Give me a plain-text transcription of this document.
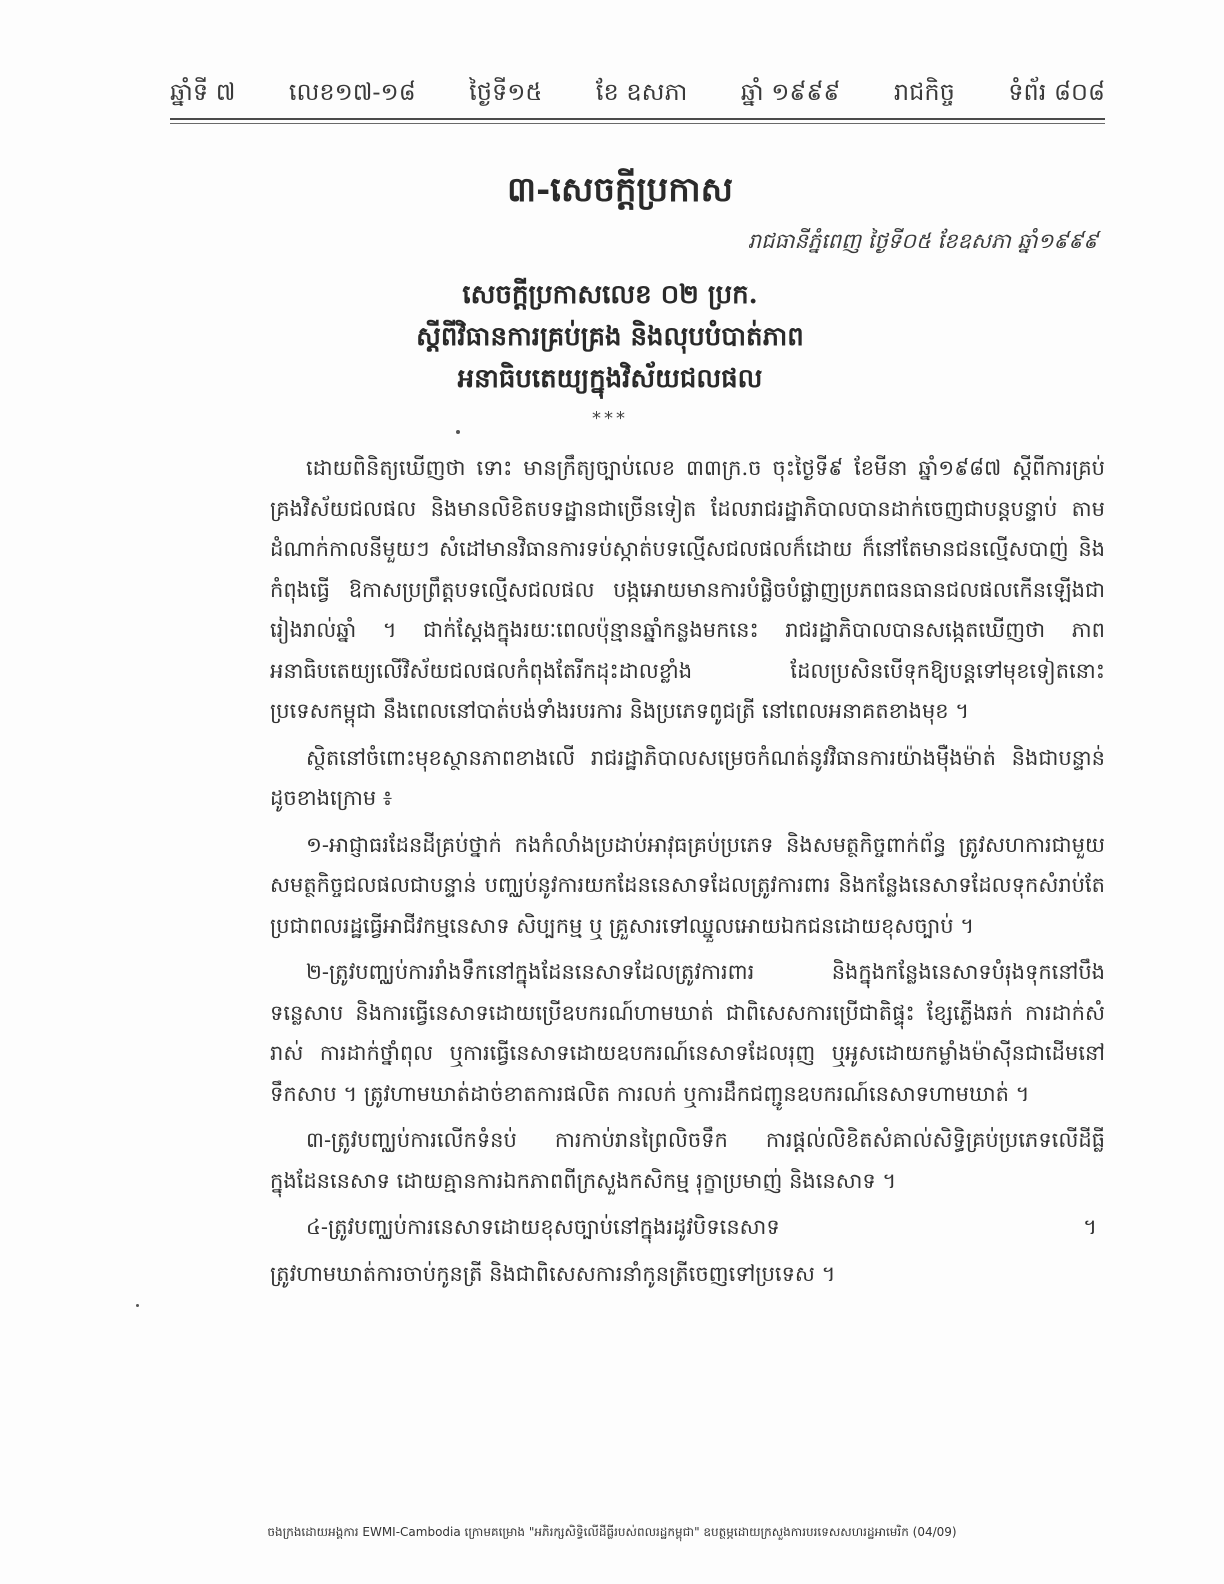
ឆ្នាំទី ៧ លេខ១៧-១៨ ថ្ងៃទី១៥ ខែ ឧសភា ឆ្នាំ ១៩៩៩ រាជកិច្ច ទំព័រ ៨០៨
៣-សេចក្តីប្រកាស
រាជធានីភ្នំពេញ ថ្ងៃទី០៥ ខែឧសភា ឆ្នាំ១៩៩៩
សេចក្តីប្រកាសលេខ ០២ ប្រក.
ស្តីពីវិធានការគ្រប់គ្រង និងលុបបំបាត់ភាព
អនាធិបតេយ្យក្នុងវិស័យជលផល
***

ដោយពិនិត្យឃើញថា ទោះ មានក្រឹត្យច្បាប់លេខ ៣៣ក្រ.ច ចុះថ្ងៃទី៩ ខែមីនា ឆ្នាំ១៩៨៧ ស្តីពីការគ្រប់គ្រងវិស័យជលផល និងមានលិខិតបទដ្ឋានជាច្រើនទៀត ដែលរាជរដ្ឋាភិបាលបានដាក់ចេញជាបន្តបន្ទាប់ តាមដំណាក់កាលនីមួយៗ សំដៅមានវិធានការទប់ស្កាត់បទល្មើសជលផលក៏ដោយ ក៏នៅតែមានជនល្មើសបាញ់ និងកំពុងធ្វើ ឱកាសប្រព្រឹត្តបទល្មើសជលផល បង្កអោយមានការបំផ្លិចបំផ្លាញប្រភពធនធានជលផលកើនឡើងជារៀងរាល់ឆ្នាំ ។ ជាក់ស្តែងក្នុងរយៈពេលប៉ុន្មានឆ្នាំកន្លងមកនេះ រាជរដ្ឋាភិបាលបានសង្កេតឃើញថា ភាពអនាធិបតេយ្យលើវិស័យជលផលកំពុងតែរីកដុះដាលខ្លាំង ដែលប្រសិនបើទុកឱ្យបន្តទៅមុខទៀតនោះ ប្រទេសកម្ពុជា នឹងពេលនៅបាត់បង់ទាំងរបរការ និងប្រភេទពូជត្រី នៅពេលអនាគតខាងមុខ ។

ស្ថិតនៅចំពោះមុខស្ថានភាពខាងលើ រាជរដ្ឋាភិបាលសម្រេចកំណត់នូវវិធានការយ៉ាងម៉ឺងម៉ាត់ និងជាបន្ទាន់ដូចខាងក្រោម ៖

១-អាជ្ញាធរដែនដីគ្រប់ថ្នាក់ កងកំលាំងប្រដាប់អាវុធគ្រប់ប្រភេទ និងសមត្ថកិច្ចពាក់ព័ន្ធ ត្រូវសហការជាមួយសមត្ថកិច្ចជលផលជាបន្ទាន់ បញ្ឈប់នូវការយកដែននេសាទដែលត្រូវការពារ និងកន្លែងនេសាទដែលទុកសំរាប់តែប្រជាពលរដ្ឋធ្វើអាជីវកម្មនេសាទ សិប្បកម្ម ឬ គ្រួសារទៅឈ្នួលអោយឯកជនដោយខុសច្បាប់ ។

២-ត្រូវបញ្ឈប់ការរាំងទឹកនៅក្នុងដែននេសាទដែលត្រូវការពារ និងក្នុងកន្លែងនេសាទបំរុងទុកនៅបឹងទន្លេសាប និងការធ្វើនេសាទដោយប្រើឧបករណ៍ហាមឃាត់ ជាពិសេសការប្រើជាតិផ្ទុះ ខ្សែភ្លើងឆក់ ការដាក់សំរាស់ ការដាក់ថ្នាំពុល ឬការធ្វើនេសាទដោយឧបករណ៍នេសាទដែលរុញ ឬអូសដោយកម្លាំងម៉ាស៊ីនជាដើមនៅទឹកសាប ។ ត្រូវហាមឃាត់ដាច់ខាតការផលិត ការលក់ ឬការដឹកជញ្ជូនឧបករណ៍នេសាទហាមឃាត់ ។

៣-ត្រូវបញ្ឈប់ការលើកទំនប់ ការកាប់រានព្រៃលិចទឹក ការផ្តល់លិខិតសំគាល់សិទ្ធិគ្រប់ប្រភេទលើដីធ្លី ក្នុងដែននេសាទ ដោយគ្មានការឯកភាពពីក្រសួងកសិកម្ម រុក្ខាប្រមាញ់ និងនេសាទ ។

៤-ត្រូវបញ្ឈប់ការនេសាទដោយខុសច្បាប់នៅក្នុងរដូវបិទនេសាទ	។

ត្រូវហាមឃាត់ការចាប់កូនត្រី និងជាពិសេសការនាំកូនត្រីចេញទៅប្រទេស ។

ចងក្រងដោយអង្គការ EWMI-Cambodia ក្រោមគម្រោង "អភិរក្សសិទ្ធិលើដីធ្លីរបស់ពលរដ្ឋកម្ពុជា" ឧបត្ថម្ភដោយក្រសួងការបរទេសសហរដ្ឋអាមេរិក (04/09)
